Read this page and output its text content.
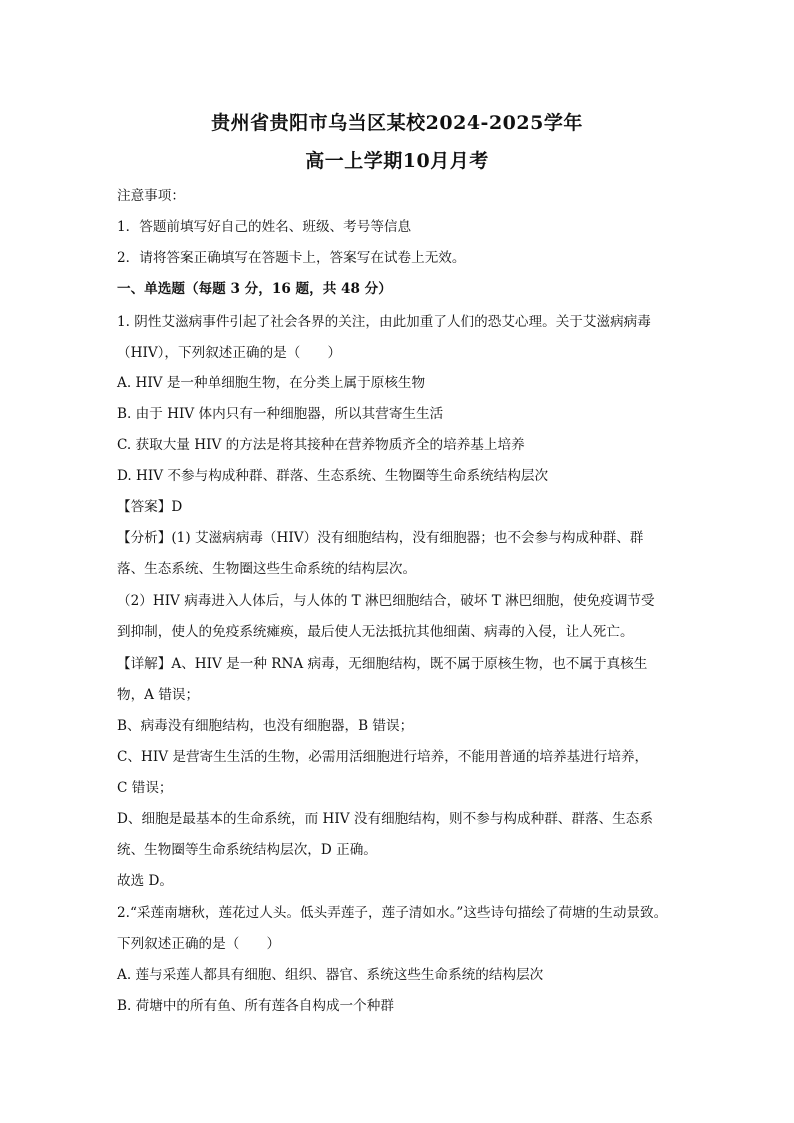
贵州省贵阳市乌当区某校2024-2025学年
高一上学期10月月考
注意事项：
1．答题前填写好自己的姓名、班级、考号等信息
2．请将答案正确填写在答题卡上，答案写在试卷上无效。
一、单选题（每题 3 分，16 题，共 48 分）
1. 阴性艾滋病事件引起了社会各界的关注，由此加重了人们的恐艾心理。关于艾滋病病毒
（HIV），下列叙述正确的是（　　）
A. HIV 是一种单细胞生物，在分类上属于原核生物
B. 由于 HIV 体内只有一种细胞器，所以其营寄生生活
C. 获取大量 HIV 的方法是将其接种在营养物质齐全的培养基上培养
D. HIV 不参与构成种群、群落、生态系统、生物圈等生命系统结构层次
【答案】D
【分析】(1) 艾滋病病毒（HIV）没有细胞结构，没有细胞器；也不会参与构成种群、群
落、生态系统、生物圈这些生命系统的结构层次。
（2）HIV 病毒进入人体后，与人体的 T 淋巴细胞结合，破坏 T 淋巴细胞，使免疫调节受
到抑制，使人的免疫系统瘫痪，最后使人无法抵抗其他细菌、病毒的入侵，让人死亡。
【详解】A、HIV 是一种 RNA 病毒，无细胞结构，既不属于原核生物，也不属于真核生
物，A 错误；
B、病毒没有细胞结构，也没有细胞器，B 错误；
C、HIV 是营寄生生活的生物，必需用活细胞进行培养，不能用普通的培养基进行培养，
C 错误；
D、细胞是最基本的生命系统，而 HIV 没有细胞结构，则不参与构成种群、群落、生态系
统、生物圈等生命系统结构层次，D 正确。
故选 D。
2.“采莲南塘秋，莲花过人头。低头弄莲子，莲子清如水。”这些诗句描绘了荷塘的生动景致。
下列叙述正确的是（　　）
A. 莲与采莲人都具有细胞、组织、器官、系统这些生命系统的结构层次
B. 荷塘中的所有鱼、所有莲各自构成一个种群
